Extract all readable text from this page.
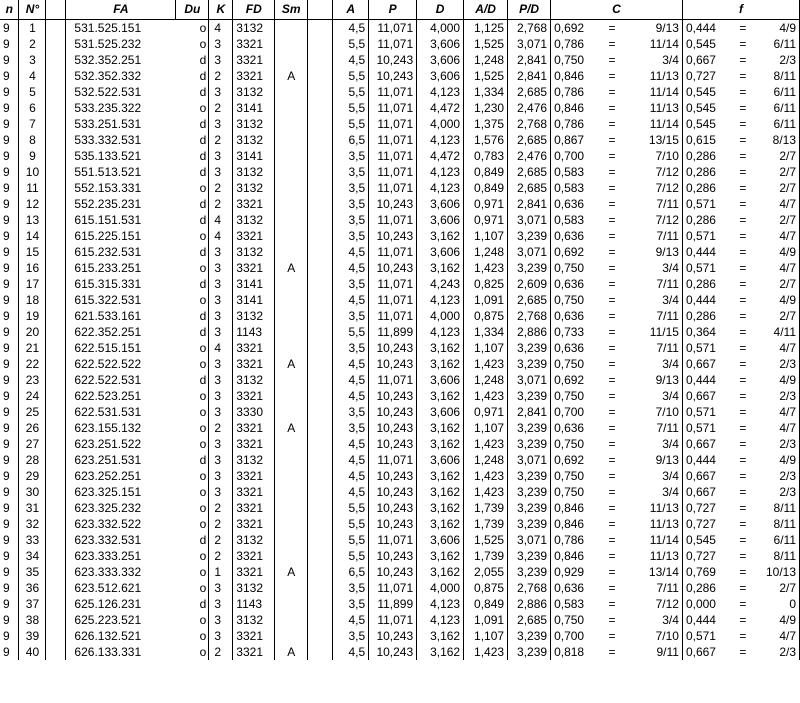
n	N°		FA	Du	K	FD	Sm		A	P	D	A/D	P/D	C			f		
9	1		531.525.151	o	4	3132			4,5	11,071	4,000	1,125	2,768	0,692	=	9/13	0,444	=	4/9
9	2		531.525.232	o	3	3321			5,5	11,071	3,606	1,525	3,071	0,786	=	11/14	0,545	=	6/11
9	3		532.352.251	d	3	3321			4,5	10,243	3,606	1,248	2,841	0,750	=	3/4	0,667	=	2/3
9	4		532.352.332	d	2	3321	A		5,5	10,243	3,606	1,525	2,841	0,846	=	11/13	0,727	=	8/11
9	5		532.522.531	d	3	3132			5,5	11,071	4,123	1,334	2,685	0,786	=	11/14	0,545	=	6/11
9	6		533.235.322	o	2	3141			5,5	11,071	4,472	1,230	2,476	0,846	=	11/13	0,545	=	6/11
9	7		533.251.531	d	3	3132			5,5	11,071	4,000	1,375	2,768	0,786	=	11/14	0,545	=	6/11
9	8		533.332.531	d	2	3132			6,5	11,071	4,123	1,576	2,685	0,867	=	13/15	0,615	=	8/13
9	9		535.133.521	d	3	3141			3,5	11,071	4,472	0,783	2,476	0,700	=	7/10	0,286	=	2/7
9	10		551.513.521	d	3	3132			3,5	11,071	4,123	0,849	2,685	0,583	=	7/12	0,286	=	2/7
9	11		552.153.331	o	2	3132			3,5	11,071	4,123	0,849	2,685	0,583	=	7/12	0,286	=	2/7
9	12		552.235.231	d	2	3321			3,5	10,243	3,606	0,971	2,841	0,636	=	7/11	0,571	=	4/7
9	13		615.151.531	d	4	3132			3,5	11,071	3,606	0,971	3,071	0,583	=	7/12	0,286	=	2/7
9	14		615.225.151	o	4	3321			3,5	10,243	3,162	1,107	3,239	0,636	=	7/11	0,571	=	4/7
9	15		615.232.531	d	3	3132			4,5	11,071	3,606	1,248	3,071	0,692	=	9/13	0,444	=	4/9
9	16		615.233.251	o	3	3321	A		4,5	10,243	3,162	1,423	3,239	0,750	=	3/4	0,571	=	4/7
9	17		615.315.331	d	3	3141			3,5	11,071	4,243	0,825	2,609	0,636	=	7/11	0,286	=	2/7
9	18		615.322.531	o	3	3141			4,5	11,071	4,123	1,091	2,685	0,750	=	3/4	0,444	=	4/9
9	19		621.533.161	d	3	3132			3,5	11,071	4,000	0,875	2,768	0,636	=	7/11	0,286	=	2/7
9	20		622.352.251	d	3	1143			5,5	11,899	4,123	1,334	2,886	0,733	=	11/15	0,364	=	4/11
9	21		622.515.151	o	4	3321			3,5	10,243	3,162	1,107	3,239	0,636	=	7/11	0,571	=	4/7
9	22		622.522.522	o	3	3321	A		4,5	10,243	3,162	1,423	3,239	0,750	=	3/4	0,667	=	2/3
9	23		622.522.531	d	3	3132			4,5	11,071	3,606	1,248	3,071	0,692	=	9/13	0,444	=	4/9
9	24		622.523.251	o	3	3321			4,5	10,243	3,162	1,423	3,239	0,750	=	3/4	0,667	=	2/3
9	25		622.531.531	o	3	3330			3,5	10,243	3,606	0,971	2,841	0,700	=	7/10	0,571	=	4/7
9	26		623.155.132	o	2	3321	A		3,5	10,243	3,162	1,107	3,239	0,636	=	7/11	0,571	=	4/7
9	27		623.251.522	o	3	3321			4,5	10,243	3,162	1,423	3,239	0,750	=	3/4	0,667	=	2/3
9	28		623.251.531	d	3	3132			4,5	11,071	3,606	1,248	3,071	0,692	=	9/13	0,444	=	4/9
9	29		623.252.251	o	3	3321			4,5	10,243	3,162	1,423	3,239	0,750	=	3/4	0,667	=	2/3
9	30		623.325.151	o	3	3321			4,5	10,243	3,162	1,423	3,239	0,750	=	3/4	0,667	=	2/3
9	31		623.325.232	o	2	3321			5,5	10,243	3,162	1,739	3,239	0,846	=	11/13	0,727	=	8/11
9	32		623.332.522	o	2	3321			5,5	10,243	3,162	1,739	3,239	0,846	=	11/13	0,727	=	8/11
9	33		623.332.531	d	2	3132			5,5	11,071	3,606	1,525	3,071	0,786	=	11/14	0,545	=	6/11
9	34		623.333.251	o	2	3321			5,5	10,243	3,162	1,739	3,239	0,846	=	11/13	0,727	=	8/11
9	35		623.333.332	o	1	3321	A		6,5	10,243	3,162	2,055	3,239	0,929	=	13/14	0,769	=	10/13
9	36		623.512.621	o	3	3132			3,5	11,071	4,000	0,875	2,768	0,636	=	7/11	0,286	=	2/7
9	37		625.126.231	d	3	1143			3,5	11,899	4,123	0,849	2,886	0,583	=	7/12	0,000	=	0
9	38		625.223.521	o	3	3132			4,5	11,071	4,123	1,091	2,685	0,750	=	3/4	0,444	=	4/9
9	39		626.132.521	o	3	3321			3,5	10,243	3,162	1,107	3,239	0,700	=	7/10	0,571	=	4/7
9	40		626.133.331	o	2	3321	A		4,5	10,243	3,162	1,423	3,239	0,818	=	9/11	0,667	=	2/3
